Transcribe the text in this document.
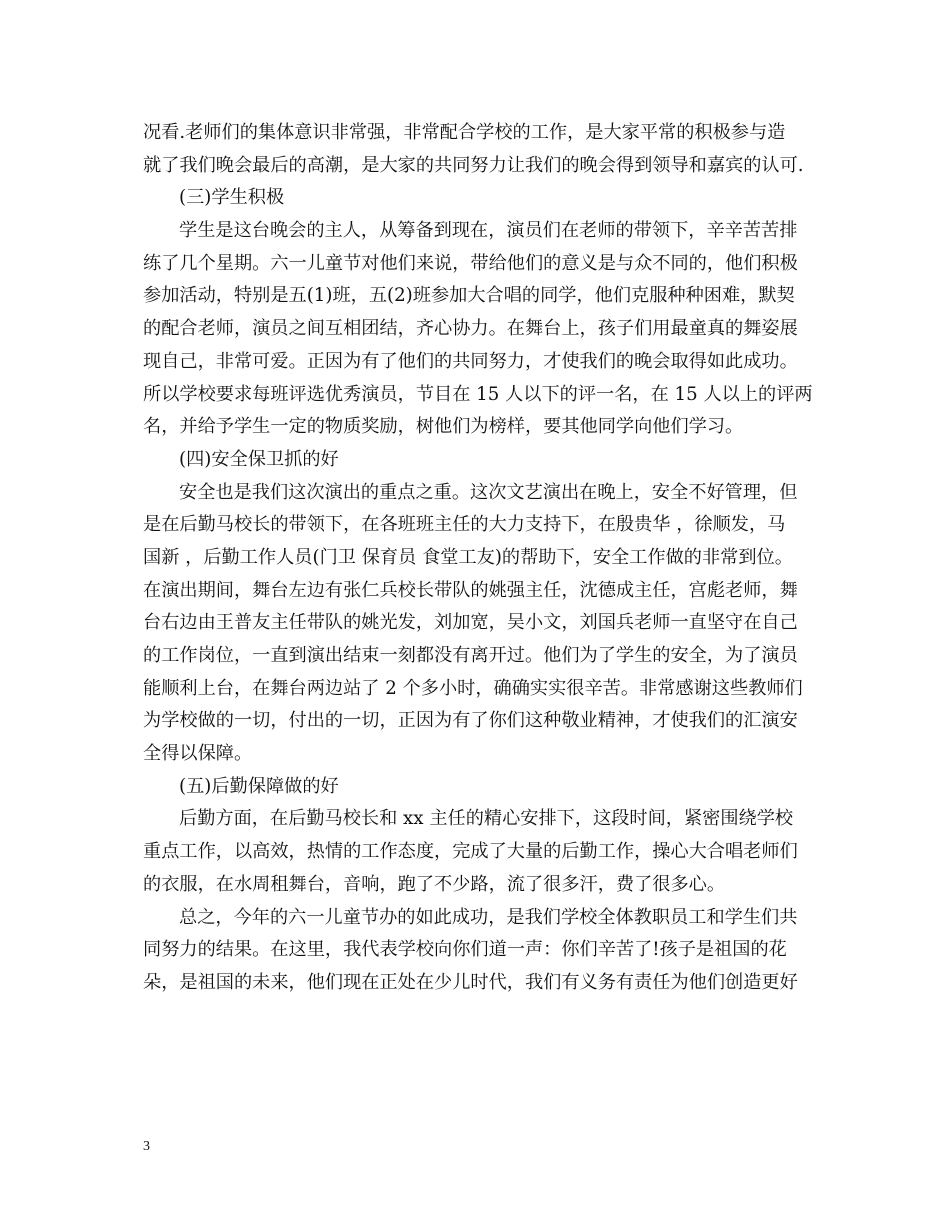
况看.老师们的集体意识非常强，非常配合学校的工作，是大家平常的积极参与造
就了我们晚会最后的高潮，是大家的共同努力让我们的晚会得到领导和嘉宾的认可.
(三)学生积极
学生是这台晚会的主人，从筹备到现在，演员们在老师的带领下，辛辛苦苦排
练了几个星期。六一儿童节对他们来说，带给他们的意义是与众不同的，他们积极
参加活动，特别是五(1)班，五(2)班参加大合唱的同学，他们克服种种困难，默契
的配合老师，演员之间互相团结，齐心协力。在舞台上，孩子们用最童真的舞姿展
现自己，非常可爱。正因为有了他们的共同努力，才使我们的晚会取得如此成功。
所以学校要求每班评选优秀演员，节目在 15 人以下的评一名，在 15 人以上的评两
名，并给予学生一定的物质奖励，树他们为榜样，要其他同学向他们学习。
(四)安全保卫抓的好
安全也是我们这次演出的重点之重。这次文艺演出在晚上，安全不好管理，但
是在后勤马校长的带领下，在各班班主任的大力支持下，在殷贵华 ，徐顺发，马
国新 ，后勤工作人员(门卫 保育员 食堂工友)的帮助下，安全工作做的非常到位。
在演出期间，舞台左边有张仁兵校长带队的姚强主任，沈德成主任，宫彪老师，舞
台右边由王普友主任带队的姚光发，刘加宽，吴小文，刘国兵老师一直坚守在自己
的工作岗位，一直到演出结束一刻都没有离开过。他们为了学生的安全，为了演员
能顺利上台，在舞台两边站了 2 个多小时，确确实实很辛苦。非常感谢这些教师们
为学校做的一切，付出的一切，正因为有了你们这种敬业精神，才使我们的汇演安
全得以保障。
(五)后勤保障做的好
后勤方面，在后勤马校长和 xx 主任的精心安排下，这段时间，紧密围绕学校
重点工作，以高效，热情的工作态度，完成了大量的后勤工作，操心大合唱老师们
的衣服，在水周租舞台，音响，跑了不少路，流了很多汗，费了很多心。
总之，今年的六一儿童节办的如此成功，是我们学校全体教职员工和学生们共
同努力的结果。在这里，我代表学校向你们道一声：你们辛苦了!孩子是祖国的花
朵，是祖国的未来，他们现在正处在少儿时代，我们有义务有责任为他们创造更好
3
